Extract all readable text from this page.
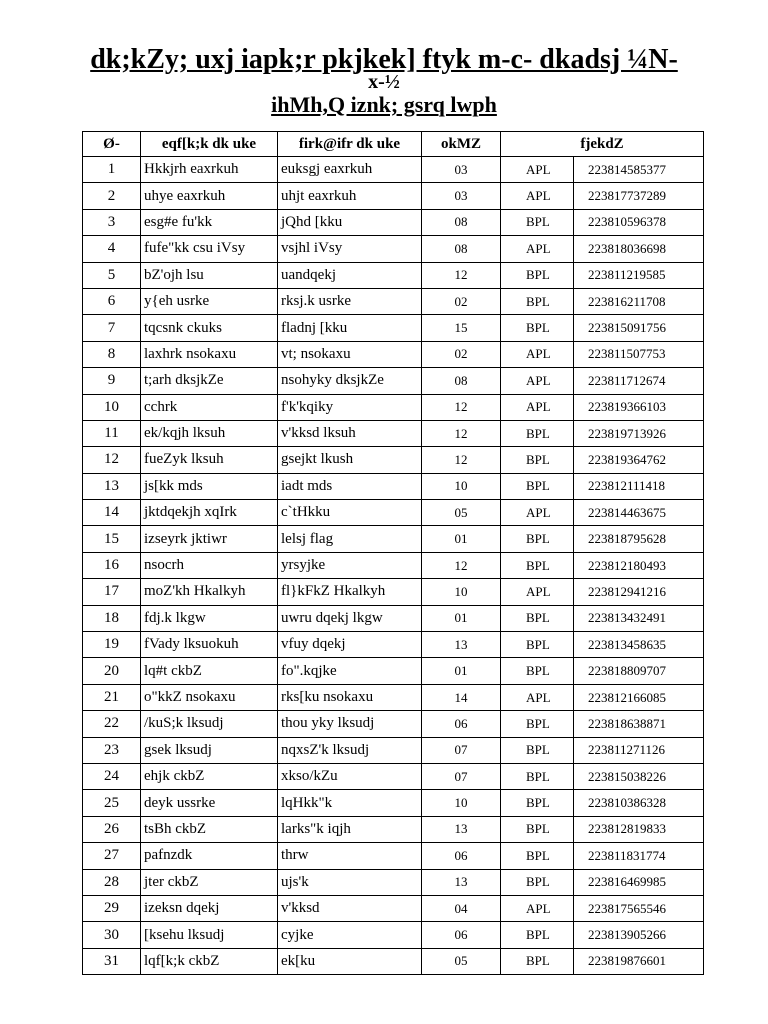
dk;kZy; uxj iapk;r pkjkek] ftyk m-c- dkadsj ¼N-
x-½
ihMh,Q iznk; gsrq lwph
Ø-	eqf[k;k dk uke	firk@ifr dk uke	okMZ	fjekdZ	
1	Hkkjrh eaxrkuh	euksgj eaxrkuh	03	APL	223814585377
2	uhye eaxrkuh	uhjt eaxrkuh	03	APL	223817737289
3	esg#e fu'kk	jQhd [kku	08	BPL	223810596378
4	fufe"kk csu iVsy	vsjhl iVsy	08	APL	223818036698
5	bZ'ojh lsu	uandqekj	12	BPL	223811219585
6	y{eh usrke	rksj.k usrke	02	BPL	223816211708
7	tqcsnk ckuks	fladnj [kku	15	BPL	223815091756
8	laxhrk nsokaxu	vt; nsokaxu	02	APL	223811507753
9	t;arh dksjkZe	nsohyky dksjkZe	08	APL	223811712674
10	cchrk	f'k'kqiky	12	APL	223819366103
11	ek/kqjh lksuh	v'kksd lksuh	12	BPL	223819713926
12	fueZyk lksuh	gsejkt lkush	12	BPL	223819364762
13	js[kk mds	iadt mds	10	BPL	223812111418
14	jktdqekjh xqIrk	c`tHkku	05	APL	223814463675
15	izseyrk jktiwr	lelsj flag	01	BPL	223818795628
16	nsocrh	yrsyjke	12	BPL	223812180493
17	moZ'kh Hkalkyh	fl}kFkZ Hkalkyh	10	APL	223812941216
18	fdj.k lkgw	uwru dqekj lkgw	01	BPL	223813432491
19	fVady lksuokuh	vfuy dqekj	13	BPL	223813458635
20	lq#t ckbZ	fo".kqjke	01	BPL	223818809707
21	o"kkZ nsokaxu	rks[ku nsokaxu	14	APL	223812166085
22	/kuS;k lksudj	thou yky lksudj	06	BPL	223818638871
23	gsek lksudj	nqxsZ'k lksudj	07	BPL	223811271126
24	ehjk ckbZ	xkso/kZu	07	BPL	223815038226
25	deyk ussrke	lqHkk"k	10	BPL	223810386328
26	tsBh ckbZ	larks"k iqjh	13	BPL	223812819833
27	pafnzdk	thrw	06	BPL	223811831774
28	jter ckbZ	ujs'k	13	BPL	223816469985
29	izeksn dqekj	v'kksd	04	APL	223817565546
30	[ksehu lksudj	cyjke	06	BPL	223813905266
31	lqf[k;k ckbZ	ek[ku	05	BPL	223819876601
